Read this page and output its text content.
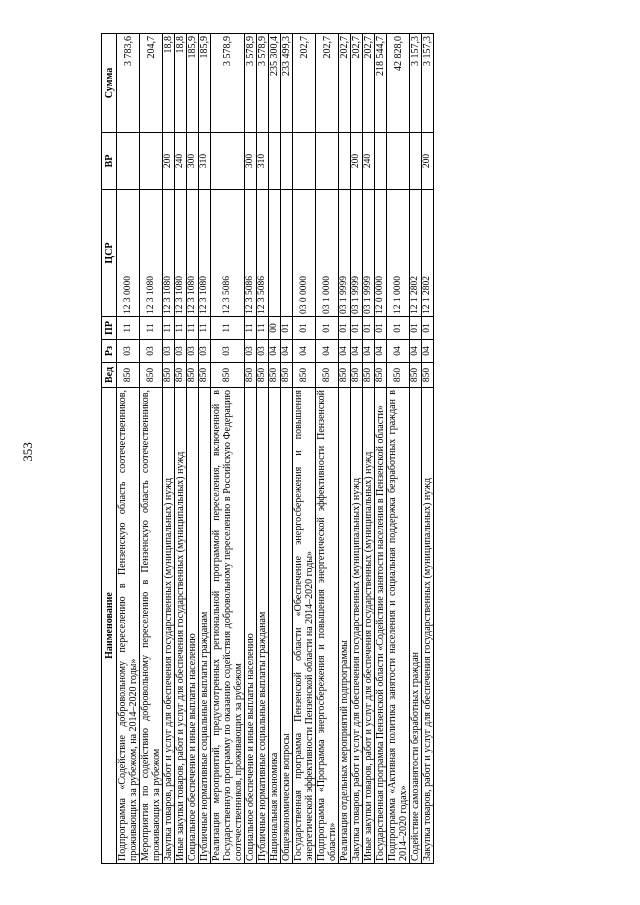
353
Наименование	Вед	Рз	ПР	ЦСР	ВР	Сумма
Подпрограмма «Содействие добровольному переселению в Пензенскую область соотечественников, проживающих за рубежом, на 2014–2020 годы»	850	03	11	12 3 0000		3 783,6
Мероприятия по содействию добровольному переселению в Пензенскую область соотечественников, проживающих за рубежом	850	03	11	12 3 1080		204,7
Закупка товаров, работ и услуг для обеспечения государственных (муниципальных) нужд	850	03	11	12 3 1080	200	18,8
Иные закупки товаров, работ и услуг для обеспечения государственных (муниципальных) нужд	850	03	11	12 3 1080	240	18,8
Социальное обеспечение и иные выплаты населению	850	03	11	12 3 1080	300	185,9
Публичные нормативные социальные выплаты гражданам	850	03	11	12 3 1080	310	185,9
Реализация мероприятий, предусмотренных региональной программой переселения, включенной в Государственную программу по оказанию содействия добровольному переселению в Российскую Федерацию соотечественников, проживающих за рубежом	850	03	11	12 3 5086		3 578,9
Социальное обеспечение и иные выплаты населению	850	03	11	12 3 5086	300	3 578,9
Публичные нормативные социальные выплаты гражданам	850	03	11	12 3 5086	310	3 578,9
Национальная экономика	850	04	00			235 300,4
Общеэкономические вопросы	850	04	01			233 499,3
Государственная программа Пензенской области «Обеспечение энергосбережения и повышения энергетической эффективности Пензенской области на 2014–2020 годы»	850	04	01	03 0 0000		202,7
Подпрограмма «Программа энергосбережения и повышения энергетической эффективности Пензенской области»	850	04	01	03 1 0000		202,7
Реализация отдельных мероприятий подпрограммы	850	04	01	03 1 9999		202,7
Закупка товаров, работ и услуг для обеспечения государственных (муниципальных) нужд	850	04	01	03 1 9999	200	202,7
Иные закупки товаров, работ и услуг для обеспечения государственных (муниципальных) нужд	850	04	01	03 1 9999	240	202,7
Государственная программа Пензенской области «Содействие занятости населения в Пензенской области»	850	04	01	12 0 0000		218 544,7
Подпрограмма «Активная политика занятости населения и социальная поддержка безработных граждан в 2014–2020 годах»	850	04	01	12 1 0000		42 828,0
Содействие самозанятости безработных граждан	850	04	01	12 1 2802		3 157,3
Закупка товаров, работ и услуг для обеспечения государственных (муниципальных) нужд	850	04	01	12 1 2802	200	3 157,3
